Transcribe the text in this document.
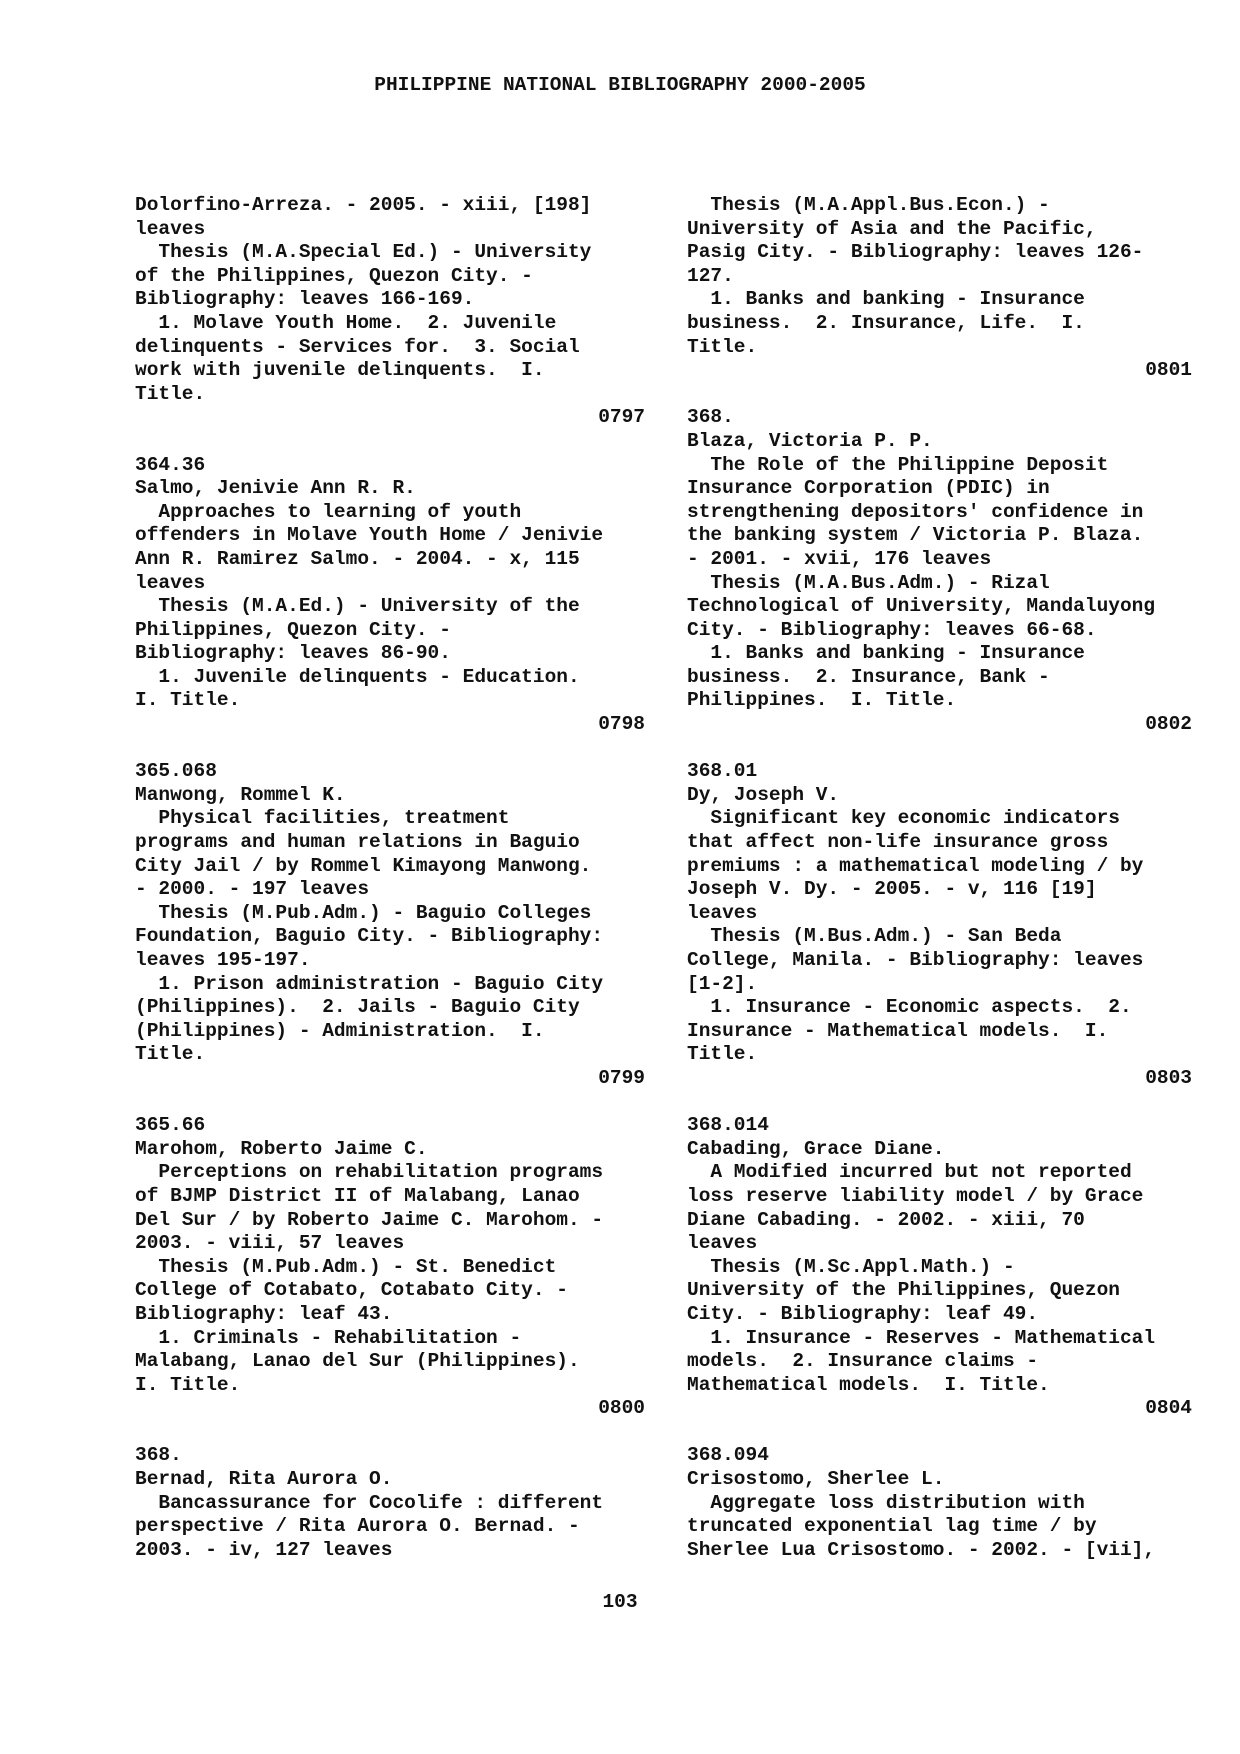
PHILIPPINE NATIONAL BIBLIOGRAPHY 2000-2005
Dolorfino-Arreza. - 2005. - xiii, [198]
leaves
Thesis (M.A.Special Ed.) - University
of the Philippines, Quezon City. -
Bibliography: leaves 166-169.
1. Molave Youth Home.  2. Juvenile
delinquents - Services for.  3. Social
work with juvenile delinquents.  I.
Title.
0797
364.36
Salmo, Jenivie Ann R. R.
Approaches to learning of youth
offenders in Molave Youth Home / Jenivie
Ann R. Ramirez Salmo. - 2004. - x, 115
leaves
Thesis (M.A.Ed.) - University of the
Philippines, Quezon City. -
Bibliography: leaves 86-90.
1. Juvenile delinquents - Education.
I. Title.
0798
365.068
Manwong, Rommel K.
Physical facilities, treatment
programs and human relations in Baguio
City Jail / by Rommel Kimayong Manwong.
- 2000. - 197 leaves
Thesis (M.Pub.Adm.) - Baguio Colleges
Foundation, Baguio City. - Bibliography:
leaves 195-197.
1. Prison administration - Baguio City
(Philippines).  2. Jails - Baguio City
(Philippines) - Administration.  I.
Title.
0799
365.66
Marohom, Roberto Jaime C.
Perceptions on rehabilitation programs
of BJMP District II of Malabang, Lanao
Del Sur / by Roberto Jaime C. Marohom. -
2003. - viii, 57 leaves
Thesis (M.Pub.Adm.) - St. Benedict
College of Cotabato, Cotabato City. -
Bibliography: leaf 43.
1. Criminals - Rehabilitation -
Malabang, Lanao del Sur (Philippines).
I. Title.
0800
368.
Bernad, Rita Aurora O.
Bancassurance for Cocolife : different
perspective / Rita Aurora O. Bernad. -
2003. - iv, 127 leaves
Thesis (M.A.Appl.Bus.Econ.) -
University of Asia and the Pacific,
Pasig City. - Bibliography: leaves 126-
127.
1. Banks and banking - Insurance
business.  2. Insurance, Life.  I.
Title.
0801
368.
Blaza, Victoria P. P.
The Role of the Philippine Deposit
Insurance Corporation (PDIC) in
strengthening depositors' confidence in
the banking system / Victoria P. Blaza.
- 2001. - xvii, 176 leaves
Thesis (M.A.Bus.Adm.) - Rizal
Technological of University, Mandaluyong
City. - Bibliography: leaves 66-68.
1. Banks and banking - Insurance
business.  2. Insurance, Bank -
Philippines.  I. Title.
0802
368.01
Dy, Joseph V.
Significant key economic indicators
that affect non-life insurance gross
premiums : a mathematical modeling / by
Joseph V. Dy. - 2005. - v, 116 [19]
leaves
Thesis (M.Bus.Adm.) - San Beda
College, Manila. - Bibliography: leaves
[1-2].
1. Insurance - Economic aspects.  2.
Insurance - Mathematical models.  I.
Title.
0803
368.014
Cabading, Grace Diane.
A Modified incurred but not reported
loss reserve liability model / by Grace
Diane Cabading. - 2002. - xiii, 70
leaves
Thesis (M.Sc.Appl.Math.) -
University of the Philippines, Quezon
City. - Bibliography: leaf 49.
1. Insurance - Reserves - Mathematical
models.  2. Insurance claims -
Mathematical models.  I. Title.
0804
368.094
Crisostomo, Sherlee L.
Aggregate loss distribution with
truncated exponential lag time / by
Sherlee Lua Crisostomo. - 2002. - [vii],
103
